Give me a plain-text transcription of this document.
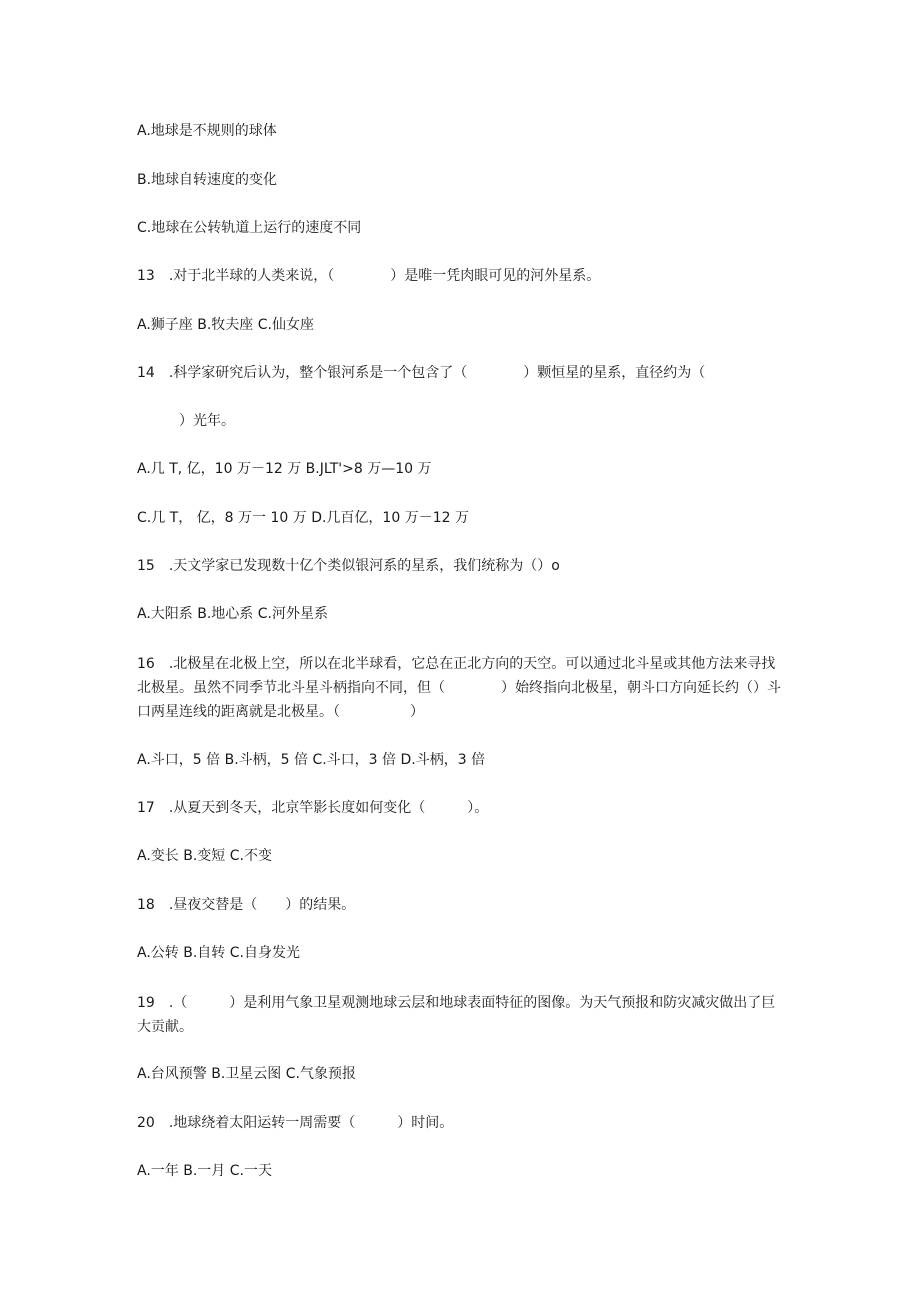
A.地球是不规则的球体
B.地球自转速度的变化
C.地球在公转轨道上运行的速度不同
13　.对于北半球的人类来说，（　　　　）是唯一凭肉眼可见的河外星系。
A.狮子座 B.牧夫座 C.仙女座
14　.科学家研究后认为，整个银河系是一个包含了（　　　　）颗恒星的星系，直径约为（
　　　）光年。
A.几 T, 亿，10 万－12 万 B.JLT'>8 万—10 万
C.几 T， 亿，8 万一 10 万 D.几百亿，10 万－12 万
15　.天文学家已发现数十亿个类似银河系的星系，我们统称为（）o
A.大阳系 B.地心系 C.河外星系
16　.北极星在北极上空，所以在北半球看，它总在正北方向的天空。可以通过北斗星或其他方法来寻找北极星。虽然不同季节北斗星斗柄指向不同，但（　　　　）始终指向北极星，朝斗口方向延长约（）斗口两星连线的距离就是北极星。（　　　　　）
A.斗口，5 倍 B.斗柄，5 倍 C.斗口，3 倍 D.斗柄，3 倍
17　.从夏天到冬天，北京竿影长度如何变化（　　　）。
A.变长 B.变短 C.不变
18　.昼夜交替是（　　）的结果。
A.公转 B.自转 C.自身发光
19　.（　　　）是利用气象卫星观测地球云层和地球表面特征的图像。为天气预报和防灾减灾做出了巨大贡献。
A.台风预警 B.卫星云图 C.气象预报
20　.地球绕着太阳运转一周需要（　　　）时间。
A.一年 B.一月 C.一天
